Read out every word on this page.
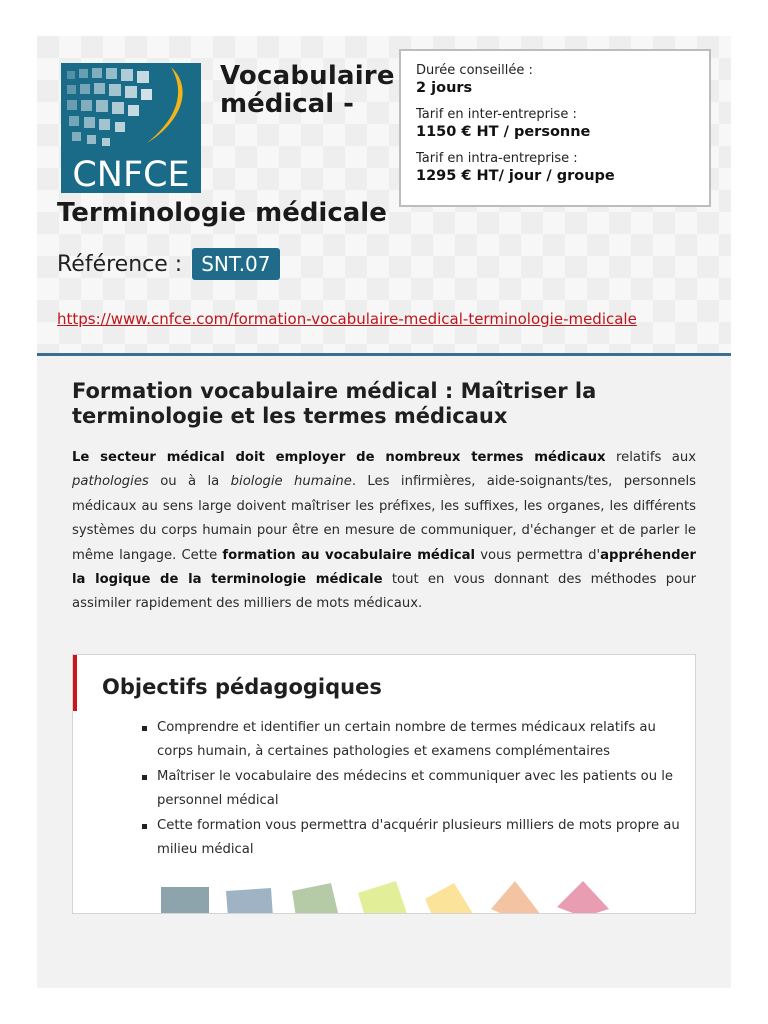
CNFCE
Vocabulaire
médical -
Terminologie médicale
Référence : SNT.07
https://www.cnfce.com/formation-vocabulaire-medical-terminologie-medicale
Durée conseillée :
2 jours
Tarif en inter-entreprise :
1150 € HT / personne
Tarif en intra-entreprise :
1295 € HT/ jour / groupe
Formation vocabulaire médical : Maîtriser la terminologie et les termes médicaux

Le secteur médical doit employer de nombreux termes médicaux relatifs aux pathologies ou à la biologie humaine. Les infirmières, aide-soignants/tes, personnels médicaux au sens large doivent maîtriser les préfixes, les suffixes, les organes, les différents systèmes du corps humain pour être en mesure de communiquer, d'échanger et de parler le même langage. Cette formation au vocabulaire médical vous permettra d'appréhender la logique de la terminologie médicale tout en vous donnant des méthodes pour assimiler rapidement des milliers de mots médicaux.

Objectifs pédagogiques
Comprendre et identifier un certain nombre de termes médicaux relatifs au corps humain, à certaines pathologies et examens complémentaires
Maîtriser le vocabulaire des médecins et communiquer avec les patients ou le personnel médical
Cette formation vous permettra d'acquérir plusieurs milliers de mots propre au milieu médical
